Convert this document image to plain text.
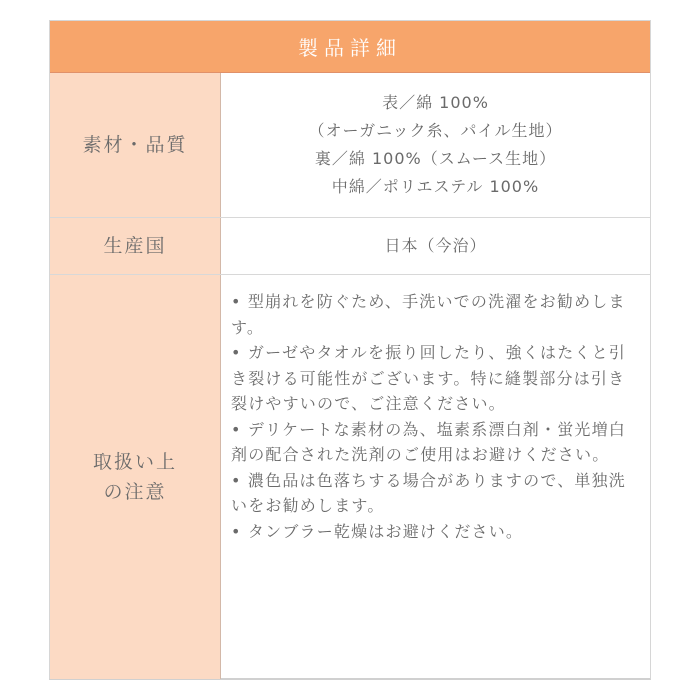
製品詳細
素材・品質
表／綿 100%
（オーガニック糸、パイル生地）
裏／綿 100%（スムース生地）
中綿／ポリエステル 100%
生産国	日本（今治）
取扱い上
の注意
• 型崩れを防ぐため、手洗いでの洗濯をお勧めします。
• ガーゼやタオルを振り回したり、強くはたくと引き裂ける可能性がございます。特に縫製部分は引き裂けやすいので、ご注意ください。
• デリケートな素材の為、塩素系漂白剤・蛍光増白剤の配合された洗剤のご使用はお避けください。
• 濃色品は色落ちする場合がありますので、単独洗いをお勧めします。
• タンブラー乾燥はお避けください。
